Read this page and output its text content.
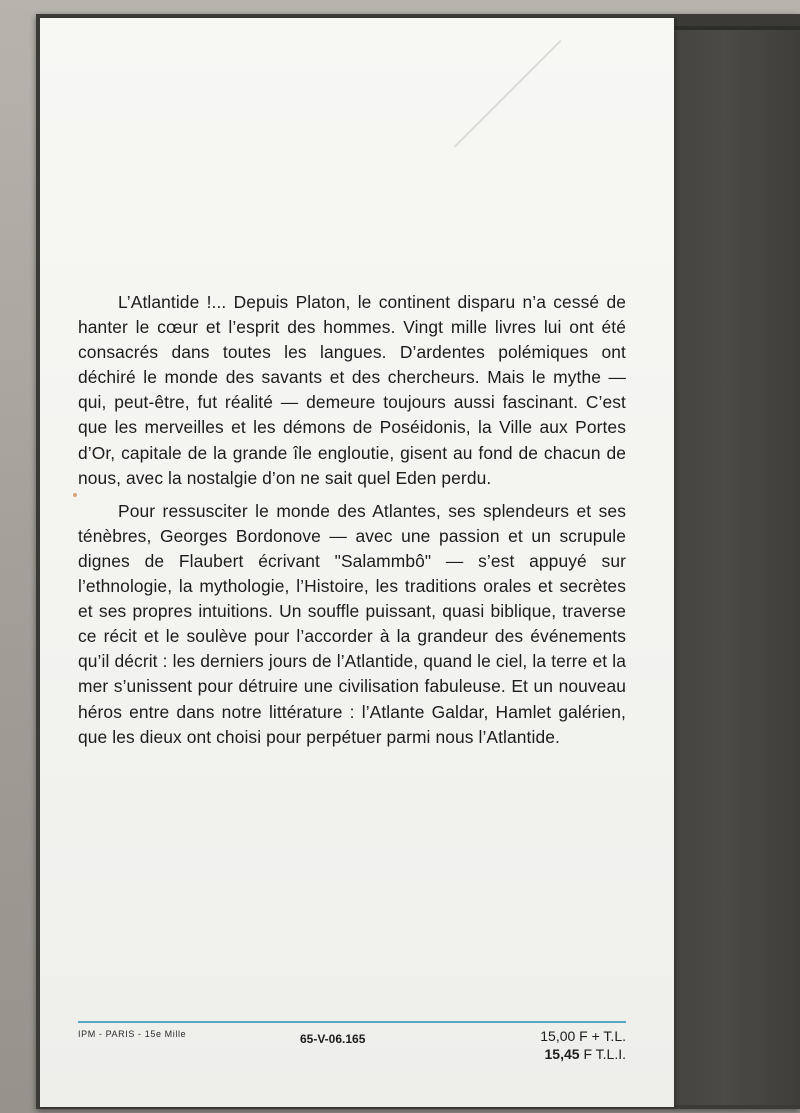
L’Atlantide !... Depuis Platon, le continent disparu n’a cessé de hanter le cœur et l’esprit des hommes. Vingt mille livres lui ont été consacrés dans toutes les langues. D’ardentes polémiques ont déchiré le monde des savants et des chercheurs. Mais le mythe — qui, peut-être, fut réalité — demeure toujours aussi fascinant. C’est que les merveilles et les démons de Poséidonis, la Ville aux Portes d’Or, capitale de la grande île engloutie, gisent au fond de chacun de nous, avec la nostalgie d’on ne sait quel Eden perdu.

Pour ressusciter le monde des Atlantes, ses splendeurs et ses ténèbres, Georges Bordonove — avec une passion et un scrupule dignes de Flaubert écrivant "Salammbô" — s’est appuyé sur l’ethnologie, la mythologie, l’Histoire, les traditions orales et secrètes et ses propres intuitions. Un souffle puissant, quasi biblique, traverse ce récit et le soulève pour l’accorder à la grandeur des événements qu’il décrit : les derniers jours de l’Atlantide, quand le ciel, la terre et la mer s’unissent pour détruire une civilisation fabuleuse. Et un nouveau héros entre dans notre littérature : l’Atlante Galdar, Hamlet galérien, que les dieux ont choisi pour perpétuer parmi nous l’Atlantide.

IPM - PARIS - 15e Mille	65-V-06.165	15,00 F + T.L.
15,45 F T.L.I.
